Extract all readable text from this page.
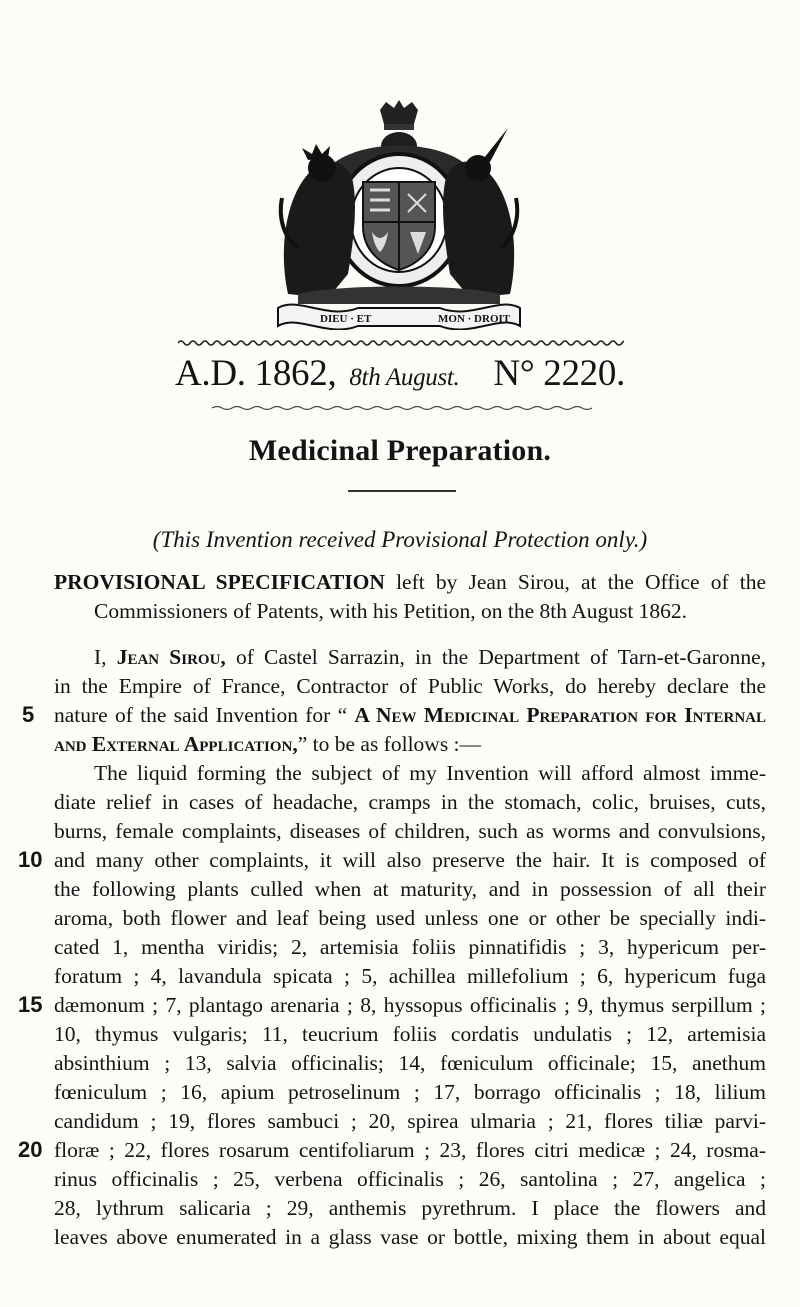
DIEU · ET	MON · DROIT
A.D. 1862, 8th August. N° 2220.
Medicinal Preparation.
(This Invention received Provisional Protection only.)
PROVISIONAL SPECIFICATION left by Jean Sirou, at the Office of the
Commissioners of Patents, with his Petition, on the 8th August 1862.
I, Jean Sirou, of Castel Sarrazin, in the Department of Tarn-et-Garonne,
in the Empire of France, Contractor of Public Works, do hereby declare the
nature of the said Invention for “ A New Medicinal Preparation for Internal
and External Application,” to be as follows :—
The liquid forming the subject of my Invention will afford almost imme-
diate relief in cases of headache, cramps in the stomach, colic, bruises, cuts,
burns, female complaints, diseases of children, such as worms and convulsions,
and many other complaints, it will also preserve the hair. It is composed of
the following plants culled when at maturity, and in possession of all their
aroma, both flower and leaf being used unless one or other be specially indi-
cated 1, mentha viridis; 2, artemisia foliis pinnatifidis ; 3, hypericum per-
foratum ; 4, lavandula spicata ; 5, achillea millefolium ; 6, hypericum fuga
dæmonum ; 7, plantago arenaria ; 8, hyssopus officinalis ; 9, thymus serpillum ;
10, thymus vulgaris; 11, teucrium foliis cordatis undulatis ; 12, artemisia
absinthium ; 13, salvia officinalis; 14, fœniculum officinale; 15, anethum
fœniculum ; 16, apium petroselinum ; 17, borrago officinalis ; 18, lilium
candidum ; 19, flores sambuci ; 20, spirea ulmaria ; 21, flores tiliæ parvi-
floræ ; 22, flores rosarum centifoliarum ; 23, flores citri medicæ ; 24, rosma-
rinus officinalis ; 25, verbena officinalis ; 26, santolina ; 27, angelica ;
28, lythrum salicaria ; 29, anthemis pyrethrum. I place the flowers and
leaves above enumerated in a glass vase or bottle, mixing them in about equal
5
10
15
20
